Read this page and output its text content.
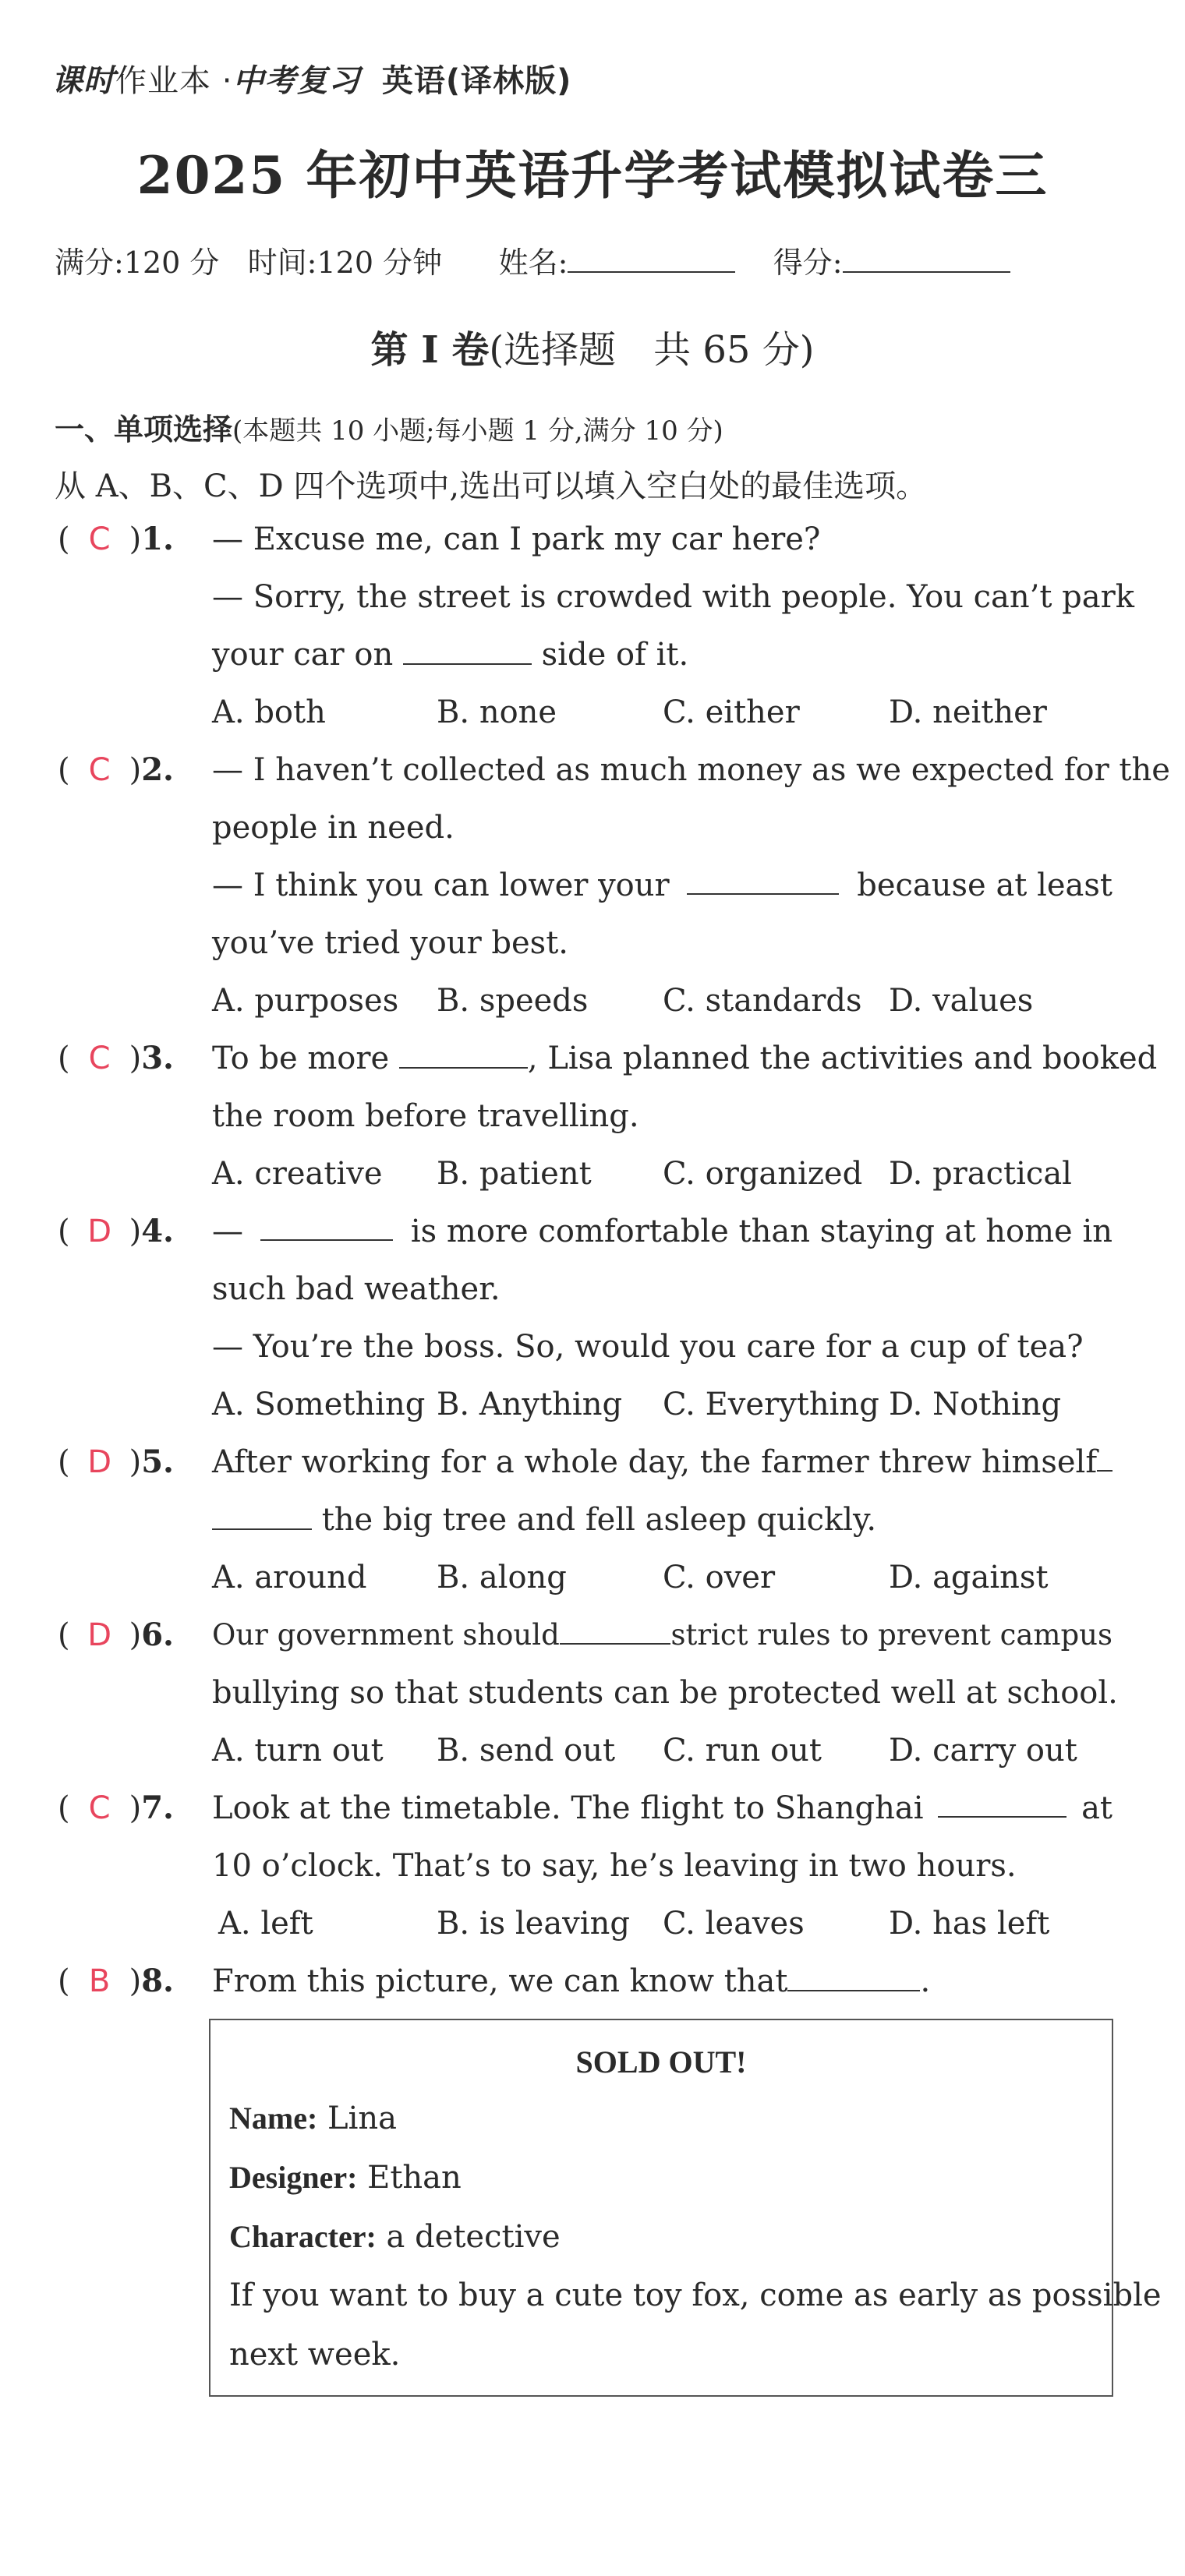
课时作业本 ·中考复习 英语(译林版)
2025 年初中英语升学考试模拟试卷三
满分:120 分 时间:120 分钟 姓名:	得分:
第 I 卷(选择题　共 65 分)
一、单项选择(本题共 10 小题;每小题 1 分,满分 10 分)
从 A、B、C、D 四个选项中,选出可以填入空白处的最佳选项。
( C )1. — Excuse me, can I park my car here?
— Sorry, the street is crowded with people. You can’t park
your car on	side of it.
A. both	B. none	C. either	D. neither
( C )2. — I haven’t collected as much money as we expected for the
people in need.
— I think you can lower your	because at least
you’ve tried your best.
A. purposes B. speeds C. standards D. values
( C )3. To be more	, Lisa planned the activities and booked
the room before travelling.
A. creative B. patient C. organized D. practical
( D )4. —	is more comfortable than staying at home in
such bad weather.
— You’re the boss. So, would you care for a cup of tea?
A. Something B. Anything C. Everything D. Nothing
( D )5. After working for a whole day, the farmer threw himself
the big tree and fell asleep quickly.
A. around B. along	C. over	D. against
( D )6. Our government should	strict rules to prevent campus
bullying so that students can be protected well at school.
A. turn out B. send out C. run out D. carry out
( C )7. Look at the timetable. The flight to Shanghai	at
10 o’clock. That’s to say, he’s leaving in two hours.
A. left	B. is leaving C. leaves	D. has left
( B )8. From this picture, we can know that	.
SOLD OUT!
Name: Lina
Designer: Ethan
Character: a detective
If you want to buy a cute toy fox, come as early as possible
next week.
